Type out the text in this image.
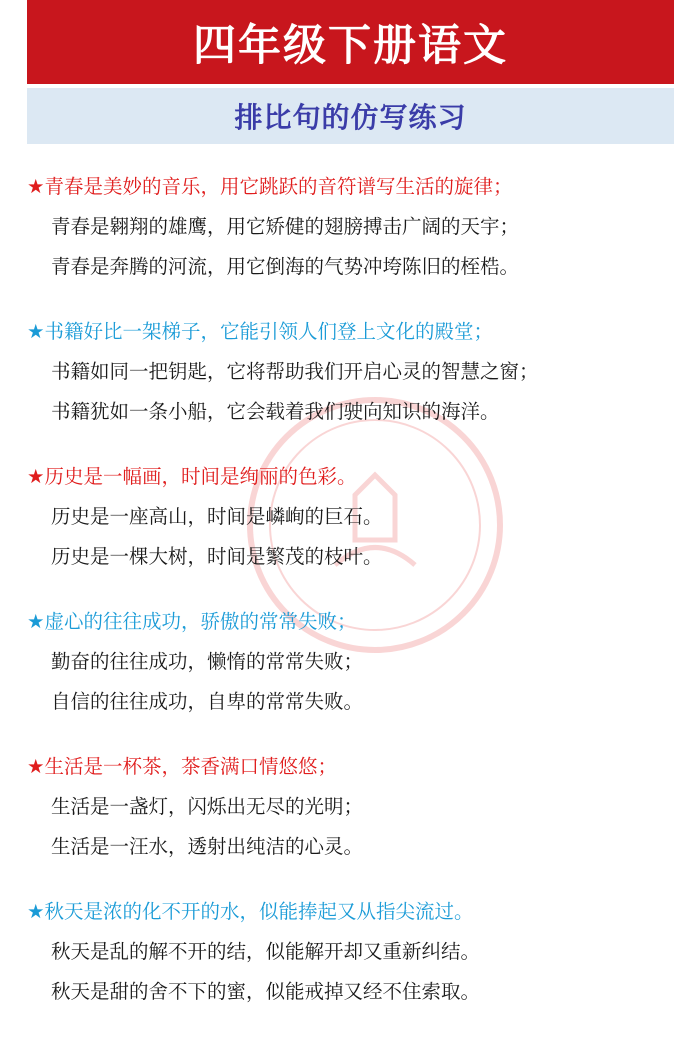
四年级下册语文
排比句的仿写练习
★青春是美妙的音乐，用它跳跃的音符谱写生活的旋律；
青春是翱翔的雄鹰，用它矫健的翅膀搏击广阔的天宇；
青春是奔腾的河流，用它倒海的气势冲垮陈旧的桎梏。
★书籍好比一架梯子，它能引领人们登上文化的殿堂；
书籍如同一把钥匙，它将帮助我们开启心灵的智慧之窗；
书籍犹如一条小船，它会载着我们驶向知识的海洋。
★历史是一幅画，时间是绚丽的色彩。
历史是一座高山，时间是嶙峋的巨石。
历史是一棵大树，时间是繁茂的枝叶。
★虚心的往往成功，骄傲的常常失败；
勤奋的往往成功，懒惰的常常失败；
自信的往往成功，自卑的常常失败。
★生活是一杯茶，茶香满口情悠悠；
生活是一盏灯，闪烁出无尽的光明；
生活是一汪水，透射出纯洁的心灵。
★秋天是浓的化不开的水，似能捧起又从指尖流过。
秋天是乱的解不开的结，似能解开却又重新纠结。
秋天是甜的舍不下的蜜，似能戒掉又经不住索取。
